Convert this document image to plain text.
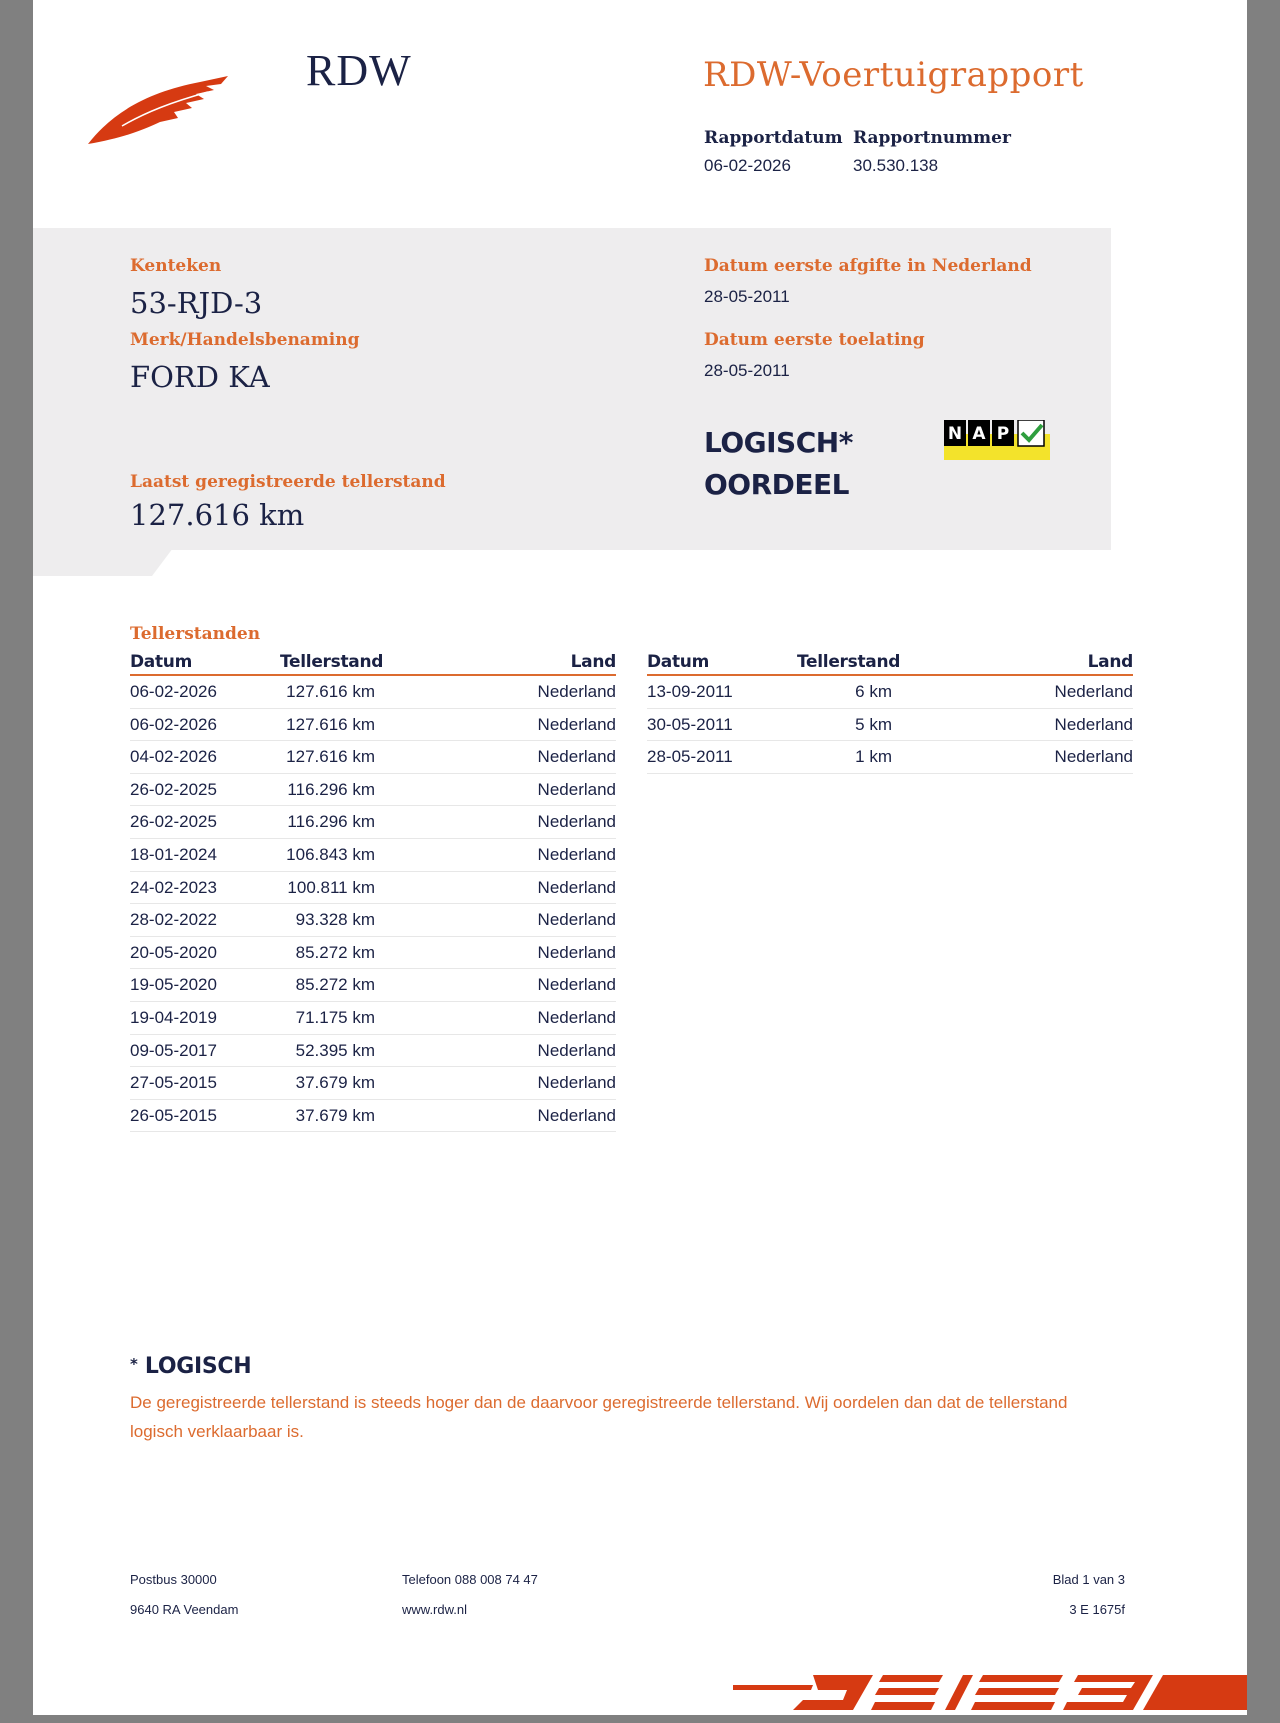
RDW	RDW-Voertuigrapport
Rapportdatum
06-02-2026
Rapportnummer
30.530.138
Kenteken
53-RJD-3
Merk/Handelsbenaming
FORD KA
Laatst geregistreerde tellerstand
127.616 km
Datum eerste afgifte in Nederland
28-05-2011
Datum eerste toelating
28-05-2011
LOGISCH*
OORDEEL
N A P
Tellerstanden
Datum	Tellerstand	Land
06-02-2026	127.616 km	Nederland
06-02-2026	127.616 km	Nederland
04-02-2026	127.616 km	Nederland
26-02-2025	116.296 km	Nederland
26-02-2025	116.296 km	Nederland
18-01-2024	106.843 km	Nederland
24-02-2023	100.811 km	Nederland
28-02-2022	93.328 km	Nederland
20-05-2020	85.272 km	Nederland
19-05-2020	85.272 km	Nederland
19-04-2019	71.175 km	Nederland
09-05-2017	52.395 km	Nederland
27-05-2015	37.679 km	Nederland
26-05-2015	37.679 km	Nederland
Datum	Tellerstand	Land
13-09-2011	6 km	Nederland
30-05-2011	5 km	Nederland
28-05-2011	1 km	Nederland
* LOGISCH
De geregistreerde tellerstand is steeds hoger dan de daarvoor geregistreerde tellerstand. Wij oordelen dan dat de tellerstand logisch verklaarbaar is.
Postbus 30000
9640 RA Veendam
Telefoon 088 008 74 47
www.rdw.nl
Blad 1 van 3
3 E 1675f
